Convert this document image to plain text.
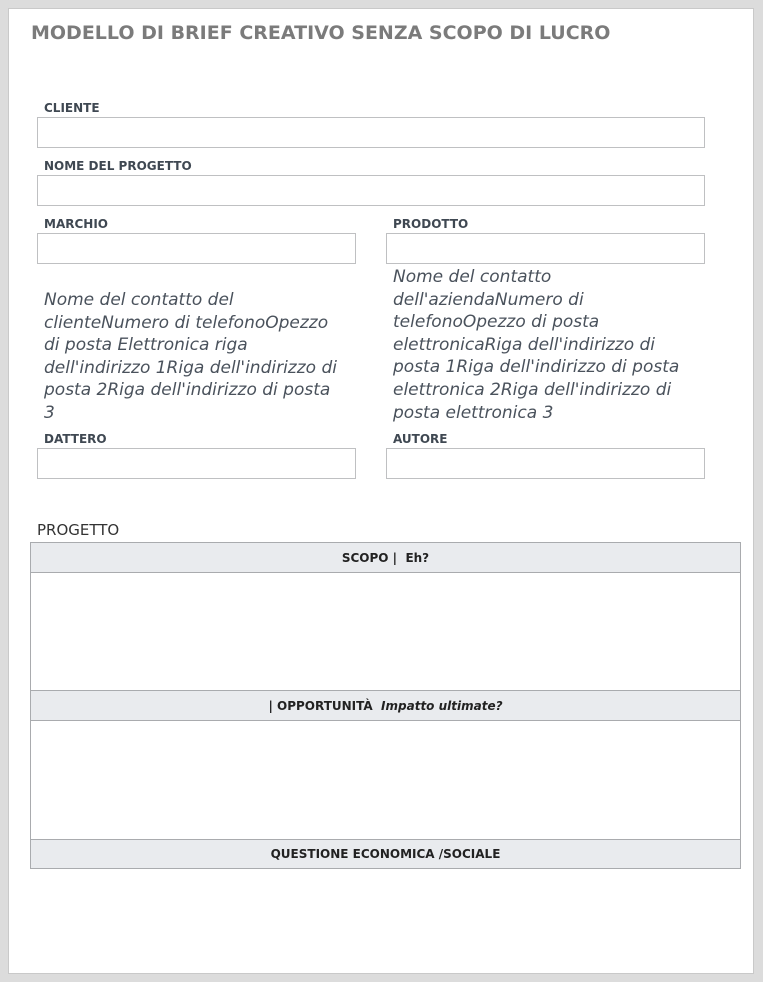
MODELLO DI BRIEF CREATIVO SENZA SCOPO DI LUCRO
CLIENTE
NOME DEL PROGETTO
MARCHIO	PRODOTTO
Nome del contatto del
clienteNumero di telefonoOpezzo
di posta Elettronica riga
dell'indirizzo 1Riga dell'indirizzo di
posta 2Riga dell'indirizzo di posta
3
Nome del contatto
dell'aziendaNumero di
telefonoOpezzo di posta
elettronicaRiga dell'indirizzo di
posta 1Riga dell'indirizzo di posta
elettronica 2Riga dell'indirizzo di
posta elettronica 3
DATTERO	AUTORE
PROGETTO
SCOPO |
Eh?
|
OPPORTUNITÀ
Impatto ultimate?
QUESTIONE ECONOMICA /SOCIALE
